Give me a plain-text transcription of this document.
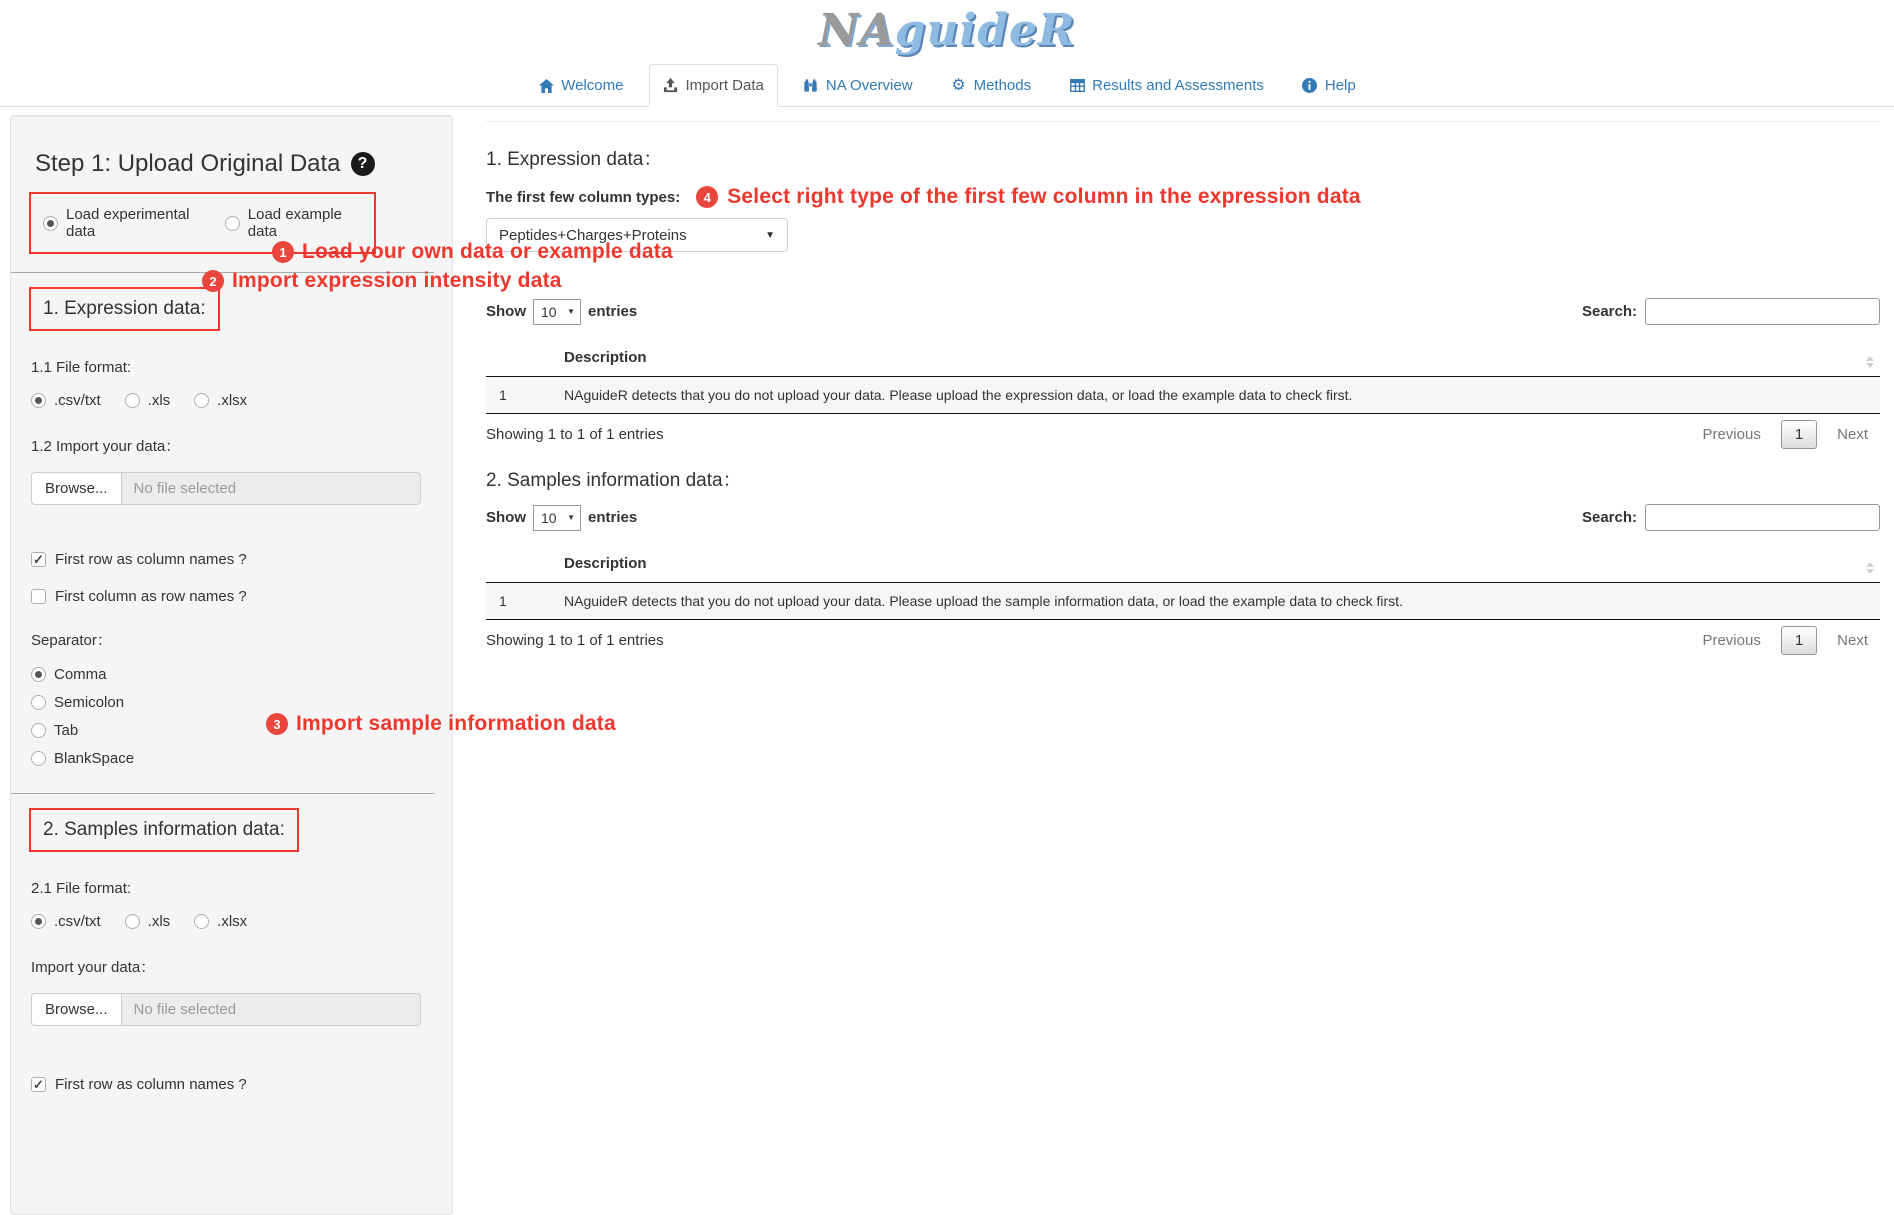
NAguideR
Welcome	Import Data	NA Overview ⚙ Methods	Results and Assessments	Help
Step 1: Upload Original Data	?
Load experimental data
Load example data
1. Expression data:
1.1 File format:
.csv/txt	.xls	.xlsx
1.2 Import your data：
Browse...	No file selected
✓
First row as column names ?
First column as row names ?
Separator：
Comma
Semicolon
Tab
BlankSpace
2. Samples information data:
2.1 File format:
.csv/txt	.xls	.xlsx
Import your data：
Browse...	No file selected
✓
First row as column names ?
1. Expression data：
The first few column types:	4 Select right type of the first few column in the expression data
Peptides+Charges+Proteins	▼
Show 10 ▼ entries	Search:
Description
1	NAguideR detects that you do not upload your data. Please upload the expression data, or load the example data to check first.
Showing 1 to 1 of 1 entries	Previous	1	Next
2. Samples information data：
Show 10 ▼ entries	Search:
Description
1	NAguideR detects that you do not upload your data. Please upload the sample information data, or load the example data to check first.
Showing 1 to 1 of 1 entries	Previous	1	Next
1 Load your own data or example data
2 Import expression intensity data
3 Import sample information data
